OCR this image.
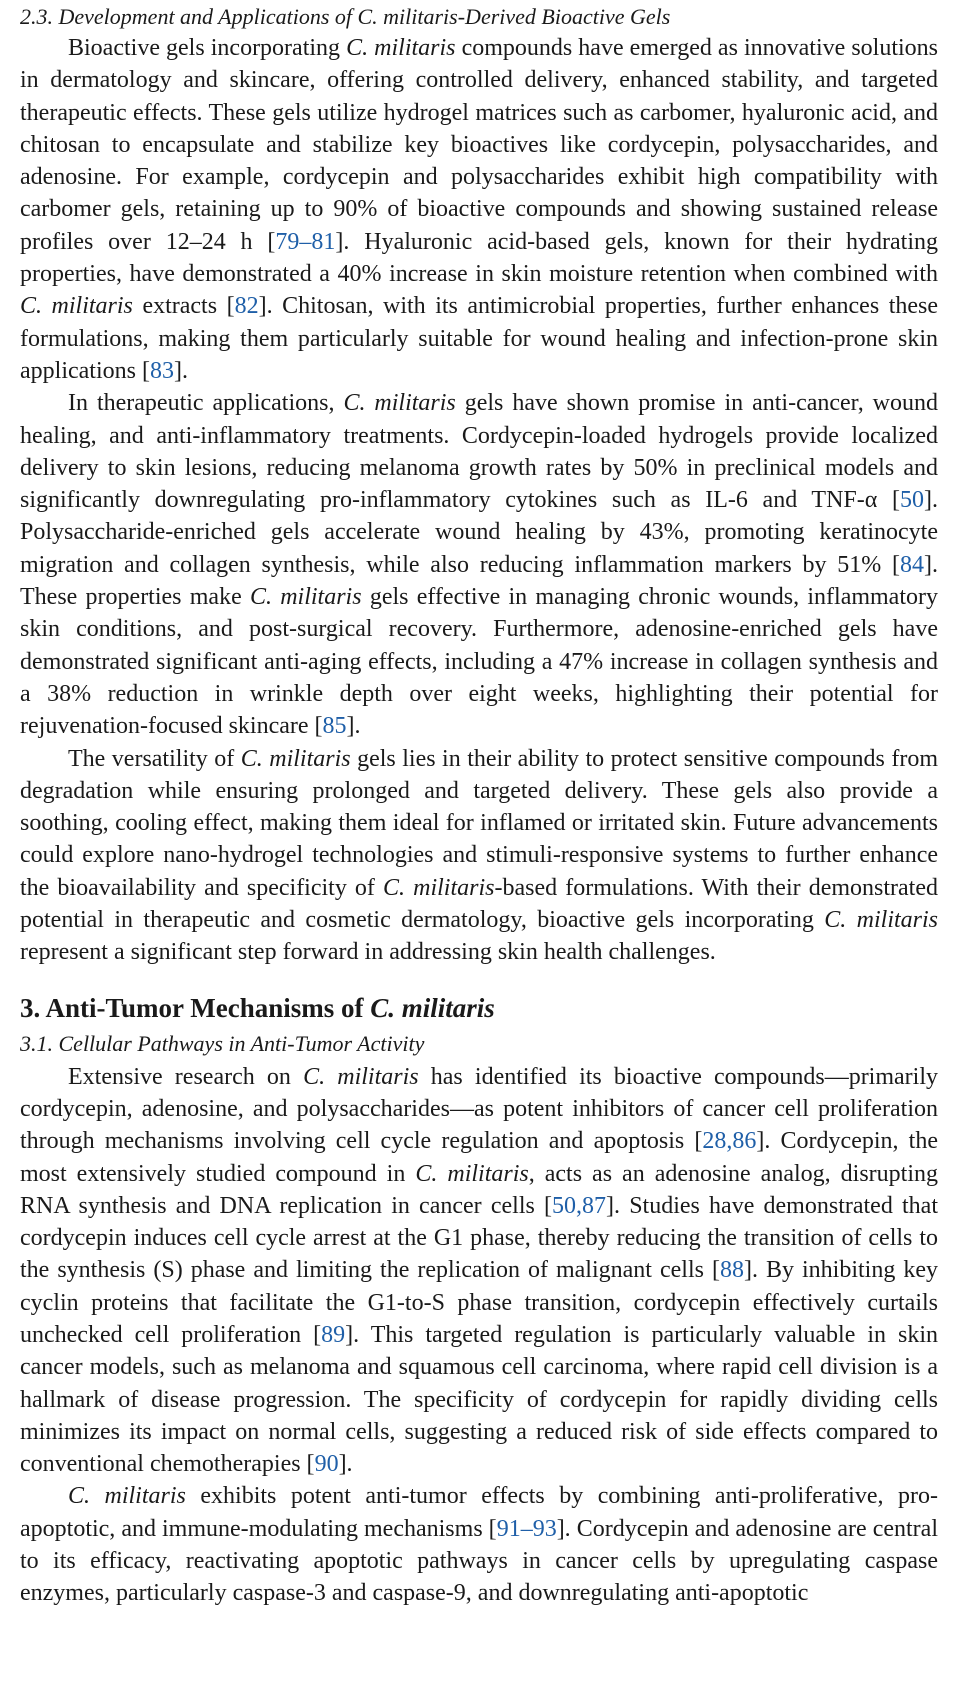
2.3. Development and Applications of C. militaris-Derived Bioactive Gels

Bioactive gels incorporating C. militaris compounds have emerged as innovative solutions in dermatology and skincare, offering controlled delivery, enhanced stability, and targeted therapeutic effects. These gels utilize hydrogel matrices such as carbomer, hyaluronic acid, and chitosan to encapsulate and stabilize key bioactives like cordycepin, polysaccharides, and adenosine. For example, cordycepin and polysaccharides exhibit high compatibility with carbomer gels, retaining up to 90% of bioactive compounds and showing sustained release profiles over 12–24 h [79–81]. Hyaluronic acid-based gels, known for their hydrating properties, have demonstrated a 40% increase in skin moisture retention when combined with C. militaris extracts [82]. Chitosan, with its antimicrobial properties, further enhances these formulations, making them particularly suitable for wound healing and infection-prone skin applications [83].

In therapeutic applications, C. militaris gels have shown promise in anti-cancer, wound healing, and anti-inflammatory treatments. Cordycepin-loaded hydrogels provide localized delivery to skin lesions, reducing melanoma growth rates by 50% in preclinical models and significantly downregulating pro-inflammatory cytokines such as IL-6 and TNF-α [50]. Polysaccharide-enriched gels accelerate wound healing by 43%, promoting keratinocyte migration and collagen synthesis, while also reducing inflammation markers by 51% [84]. These properties make C. militaris gels effective in managing chronic wounds, inflammatory skin conditions, and post-surgical recovery. Furthermore, adenosine-enriched gels have demonstrated significant anti-aging effects, including a 47% increase in collagen synthesis and a 38% reduction in wrinkle depth over eight weeks, highlighting their potential for rejuvenation-focused skincare [85].

The versatility of C. militaris gels lies in their ability to protect sensitive compounds from degradation while ensuring prolonged and targeted delivery. These gels also provide a soothing, cooling effect, making them ideal for inflamed or irritated skin. Future advancements could explore nano-hydrogel technologies and stimuli-responsive systems to further enhance the bioavailability and specificity of C. militaris-based formulations. With their demonstrated potential in therapeutic and cosmetic dermatology, bioactive gels incorporating C. militaris represent a significant step forward in addressing skin health challenges.

3. Anti-Tumor Mechanisms of C. militaris
3.1. Cellular Pathways in Anti-Tumor Activity

Extensive research on C. militaris has identified its bioactive compounds—primarily cordycepin, adenosine, and polysaccharides—as potent inhibitors of cancer cell proliferation through mechanisms involving cell cycle regulation and apoptosis [28,86]. Cordycepin, the most extensively studied compound in C. militaris, acts as an adenosine analog, disrupting RNA synthesis and DNA replication in cancer cells [50,87]. Studies have demonstrated that cordycepin induces cell cycle arrest at the G1 phase, thereby reducing the transition of cells to the synthesis (S) phase and limiting the replication of malignant cells [88]. By inhibiting key cyclin proteins that facilitate the G1-to-S phase transition, cordycepin effectively curtails unchecked cell proliferation [89]. This targeted regulation is particularly valuable in skin cancer models, such as melanoma and squamous cell carcinoma, where rapid cell division is a hallmark of disease progression. The specificity of cordycepin for rapidly dividing cells minimizes its impact on normal cells, suggesting a reduced risk of side effects compared to conventional chemotherapies [90].

C. militaris exhibits potent anti-tumor effects by combining anti-proliferative, pro-apoptotic, and immune-modulating mechanisms [91–93]. Cordycepin and adenosine are central to its efficacy, reactivating apoptotic pathways in cancer cells by upregulating caspase enzymes, particularly caspase-3 and caspase-9, and downregulating anti-apoptotic
